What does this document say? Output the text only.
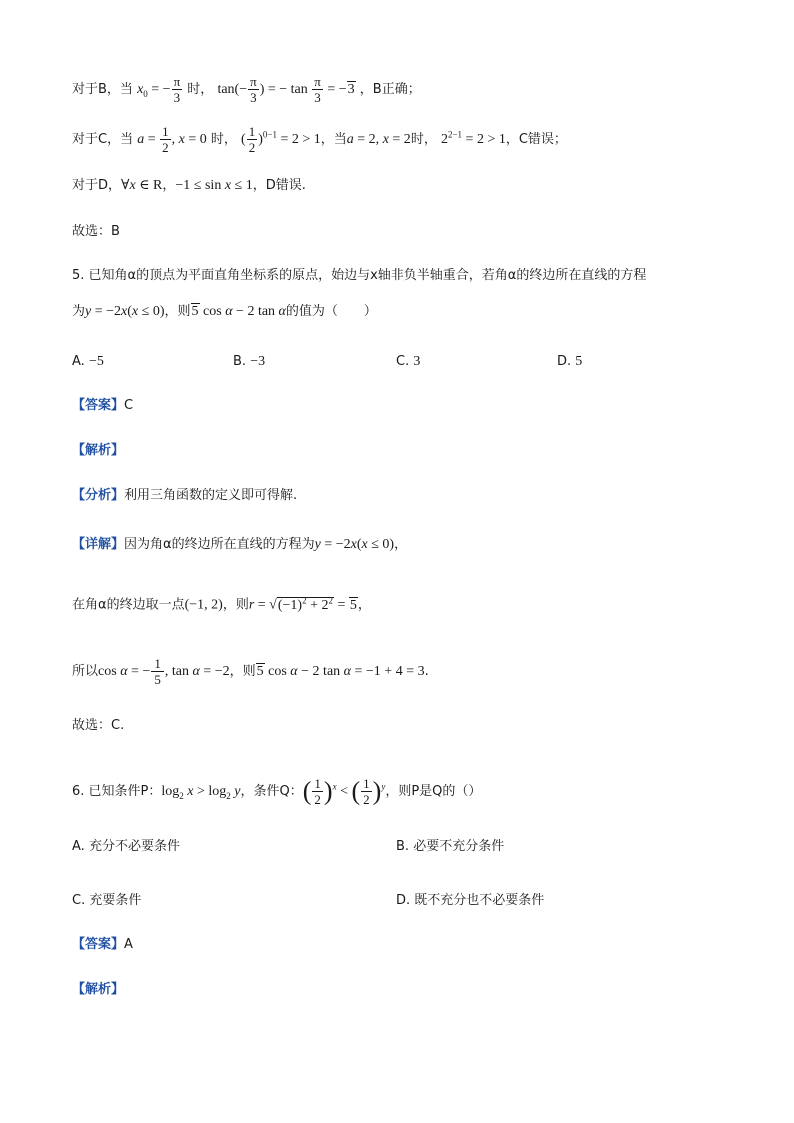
对于B，当 $x_0$ = − $\frac{\pi}{3}$ 时， $\tan(- \frac{\pi}{3}$ ) = − $\tan \frac{\pi}{3} = -3$ ，B正确；
对于C，当 $a = \frac{1}{2}$ , x = 0 时， ( $\frac{1}{2} )^{0-1} = 2 > 1$，当a = 2, x = 2时， $2^{2-1} = 2 > 1$，C错误；
对于D，∀x ∈ R，−1 ≤ sin x ≤ 1，D错误.
故选：B
5. 已知角α的顶点为平面直角坐标系的原点，始边与x轴非负半轴重合，若角α的终边所在直线的方程
为y = −2x(x ≤ 0)，则5 cos α − 2 tan α的值为（　　）
A. −5	B. −3	C. 3	D. 5
【答案】C
【解析】
【分析】利用三角函数的定义即可得解.
【详解】因为角α的终边所在直线的方程为y = −2x(x ≤ 0)，
在角α的终边取一点(−1, 2)，则$r = √(-1)^2 + 2^2 = 5$，
所以cos α = − $\frac{1}{5}$ , tan α = −2，则5 cos α − 2 tan α = −1 + 4 = 3.
故选：C.
6. 已知条件P：$\log_2 x > \log_2 y$，条件Q：( $\frac{1}{2} )^x$ < ( $\frac{1}{2} )^y$，则P是Q的（）
A. 充分不必要条件	B. 必要不充分条件
C. 充要条件	D. 既不充分也不必要条件
【答案】A
【解析】
